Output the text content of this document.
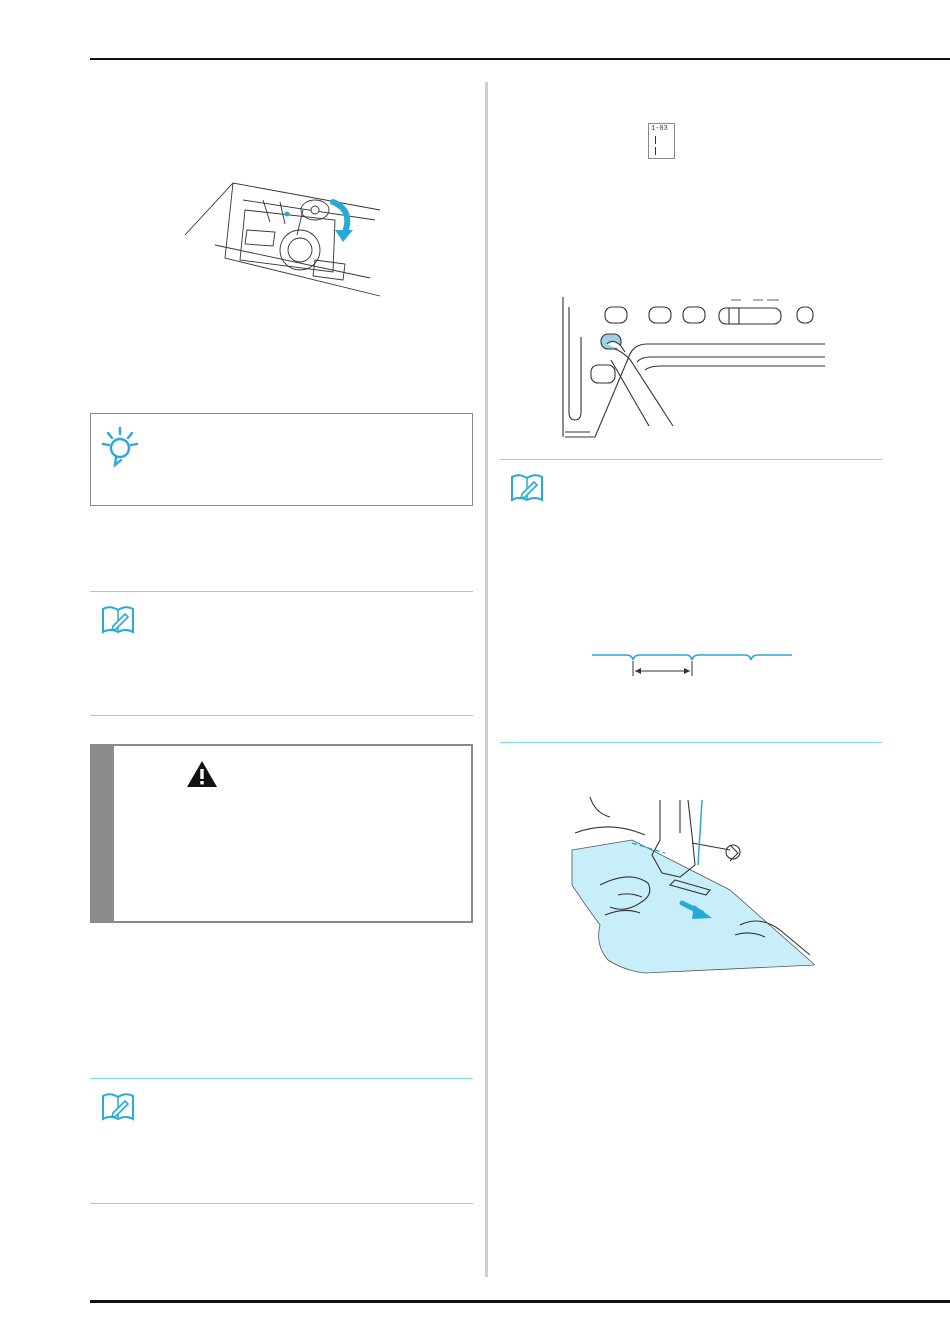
1-03
